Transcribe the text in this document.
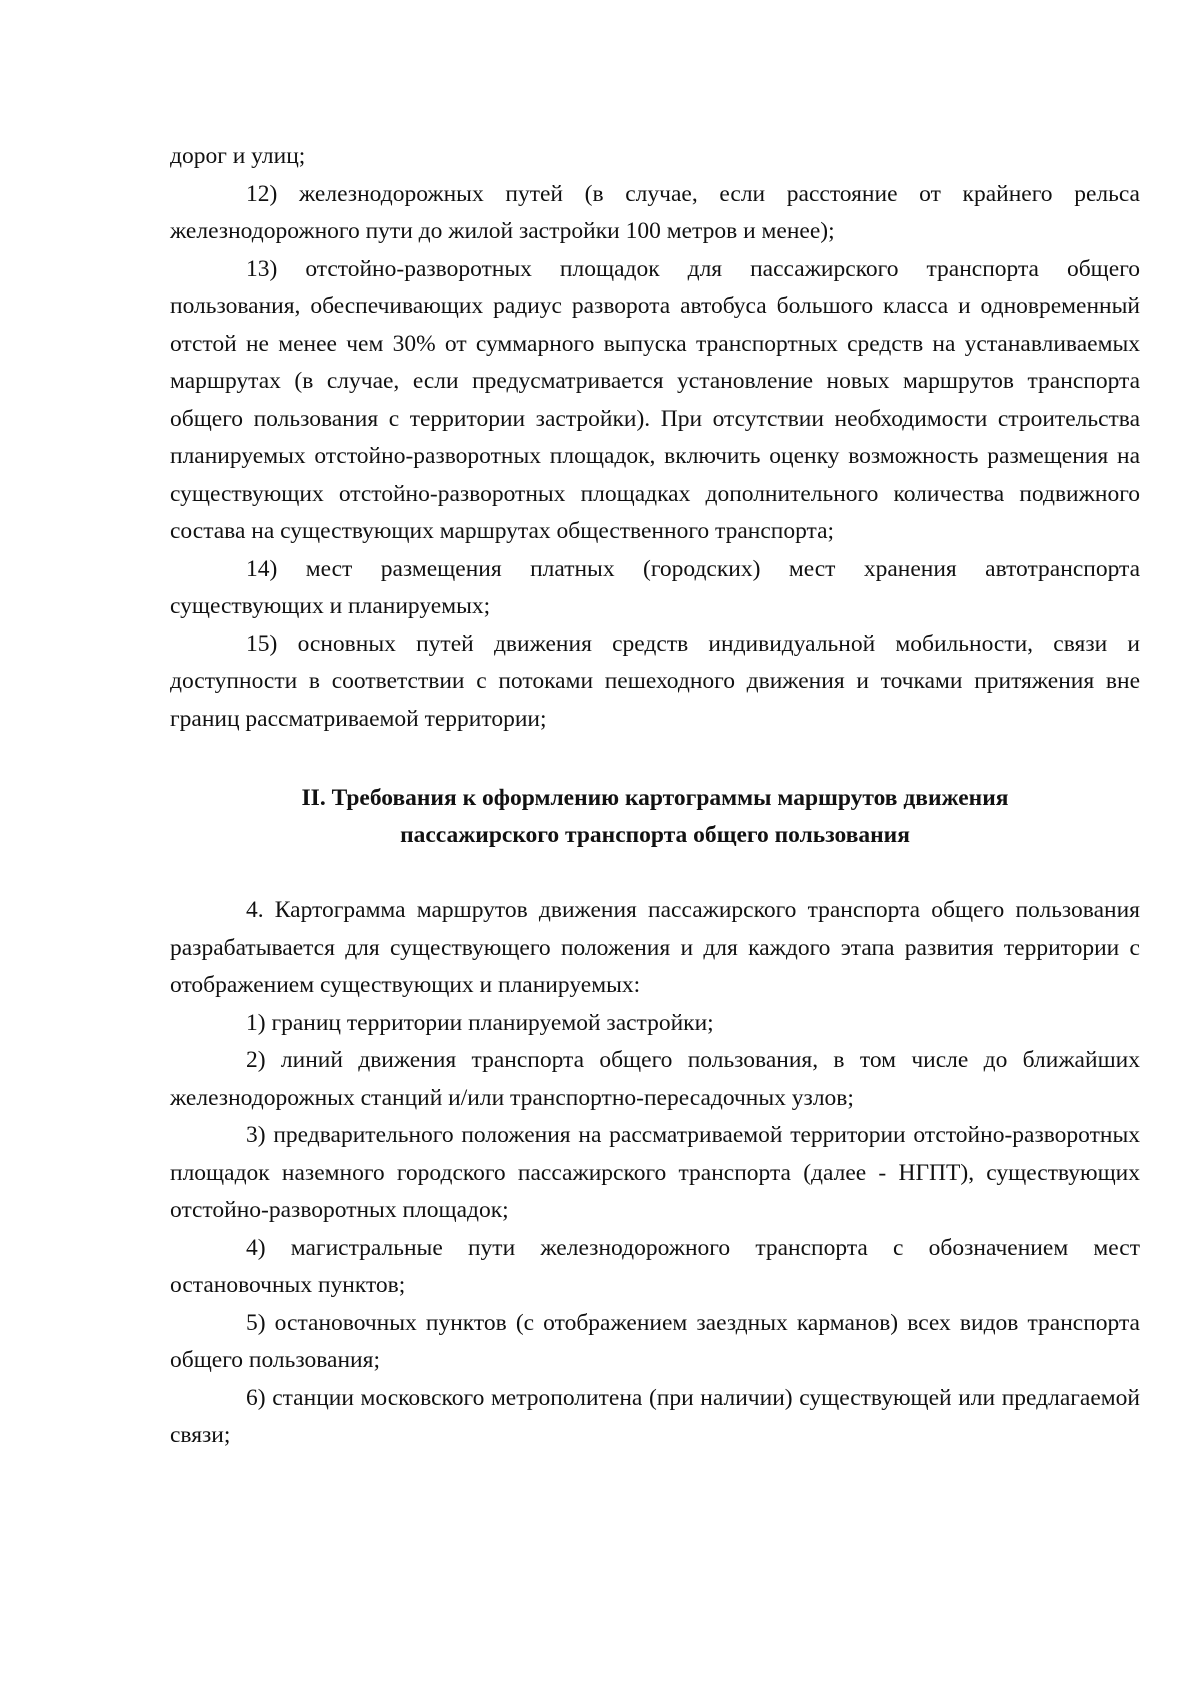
дорог и улиц;

12) железнодорожных путей (в случае, если расстояние от крайнего рельса железнодорожного пути до жилой застройки 100 метров и менее);

13) отстойно-разворотных площадок для пассажирского транспорта общего пользования, обеспечивающих радиус разворота автобуса большого класса и одновременный отстой не менее чем 30% от суммарного выпуска транспортных средств на устанавливаемых маршрутах (в случае, если предусматривается установление новых маршрутов транспорта общего пользования с территории застройки). При отсутствии необходимости строительства планируемых отстойно-разворотных площадок, включить оценку возможность размещения на существующих отстойно-разворотных площадках дополнительного количества подвижного состава на существующих маршрутах общественного транспорта;

14) мест размещения платных (городских) мест хранения автотранспорта существующих и планируемых;

15) основных путей движения средств индивидуальной мобильности, связи и доступности в соответствии с потоками пешеходного движения и точками притяжения вне границ рассматриваемой территории;

II. Требования к оформлению картограммы маршрутов движения
пассажирского транспорта общего пользования

4. Картограмма маршрутов движения пассажирского транспорта общего пользования разрабатывается для существующего положения и для каждого этапа развития территории с отображением существующих и планируемых:

1) границ территории планируемой застройки;

2) линий движения транспорта общего пользования, в том числе до ближайших железнодорожных станций и/или транспортно-пересадочных узлов;

3) предварительного положения на рассматриваемой территории отстойно-разворотных площадок наземного городского пассажирского транспорта (далее - НГПТ), существующих отстойно-разворотных площадок;

4) магистральные пути железнодорожного транспорта с обозначением мест остановочных пунктов;

5) остановочных пунктов (с отображением заездных карманов) всех видов транспорта общего пользования;

6) станции московского метрополитена (при наличии) существующей или предлагаемой связи;
